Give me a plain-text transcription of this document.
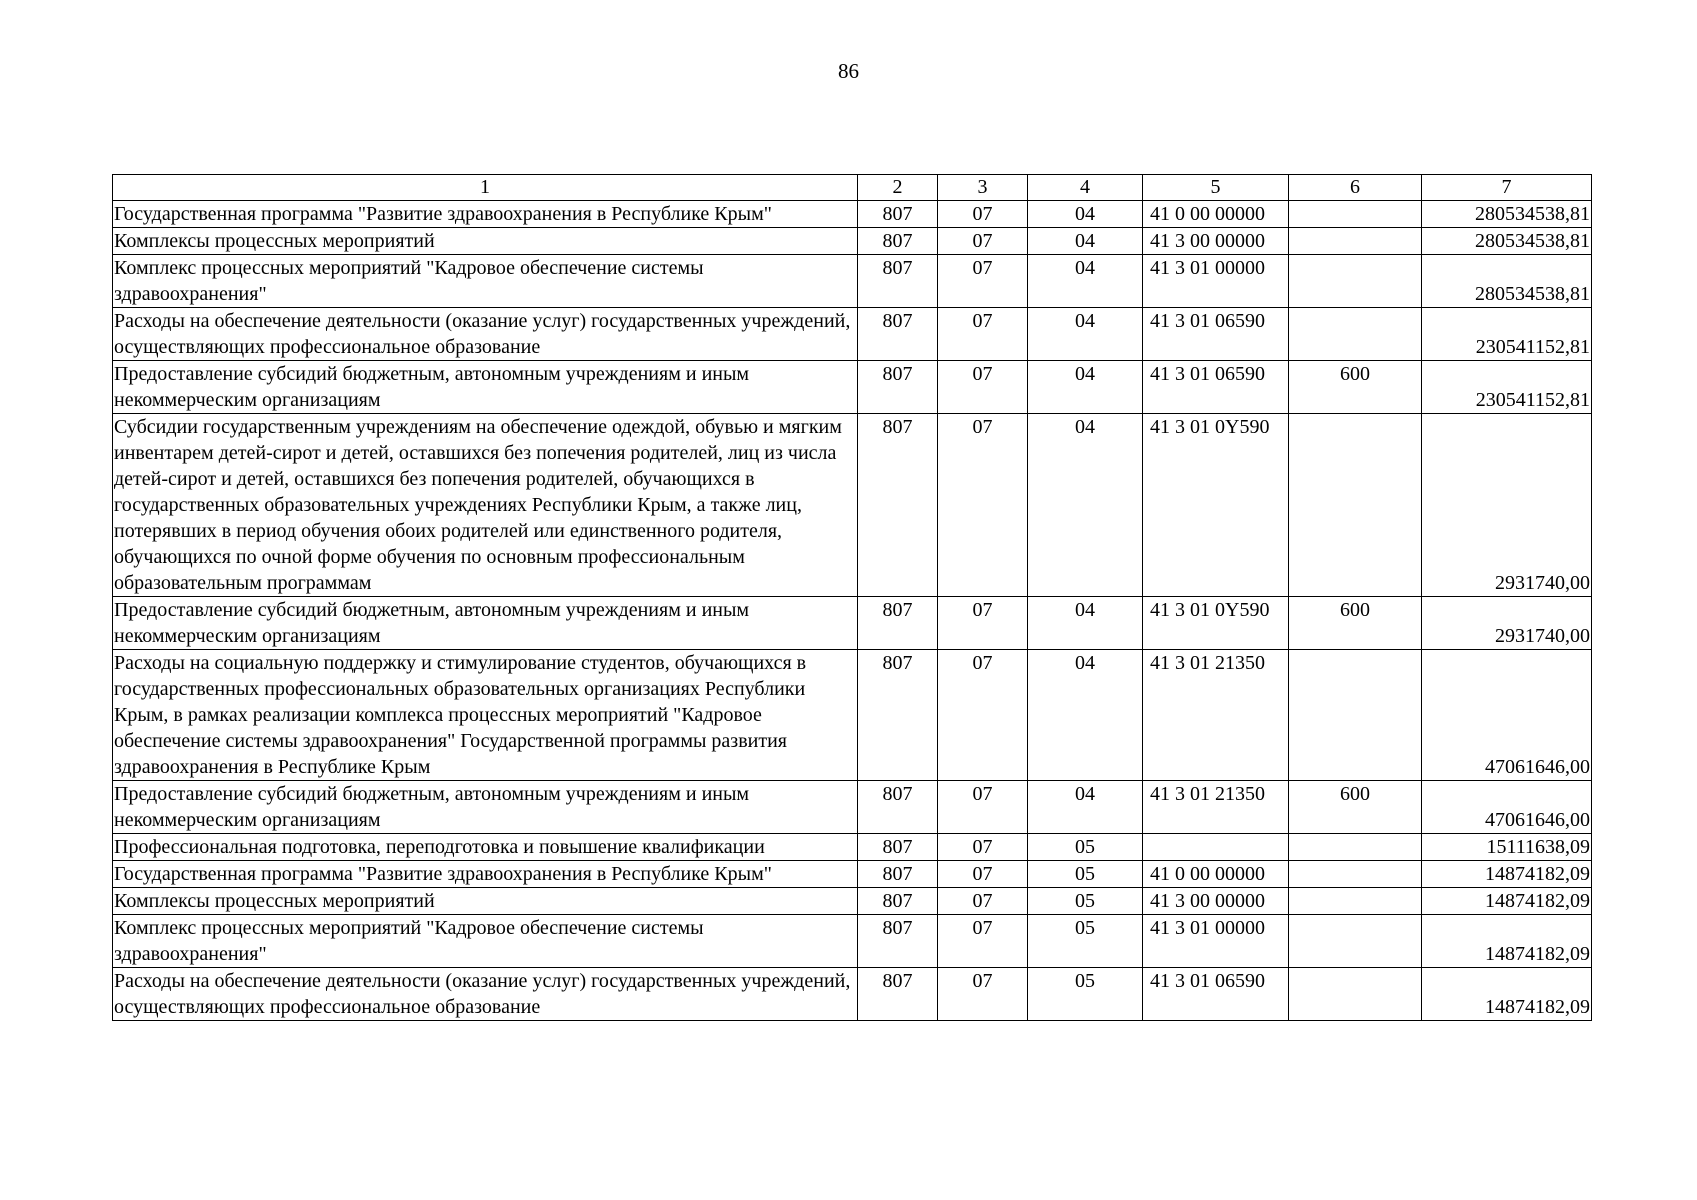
86
1	2	3	4	5	6	7
Государственная программа "Развитие здравоохранения в Республике Крым"	807	07	04	41 0 00 00000		280534538,81
Комплексы процессных мероприятий	807	07	04	41 3 00 00000		280534538,81
Комплекс процессных мероприятий "Кадровое обеспечение системы здравоохранения"	807	07	04	41 3 01 00000		280534538,81
Расходы на обеспечение деятельности (оказание услуг) государственных учреждений, осуществляющих профессиональное образование	807	07	04	41 3 01 06590		230541152,81
Предоставление субсидий бюджетным, автономным учреждениям и иным некоммерческим организациям	807	07	04	41 3 01 06590	600	230541152,81
Субсидии государственным учреждениям на обеспечение одеждой, обувью и мягким инвентарем детей-сирот и детей, оставшихся без попечения родителей, лиц из числа детей-сирот и детей, оставшихся без попечения родителей, обучающихся в государственных образовательных учреждениях Республики Крым, а также лиц, потерявших в период обучения обоих родителей или единственного родителя, обучающихся по очной форме обучения по основным профессиональным образовательным программам	807	07	04	41 3 01 0Y590		2931740,00
Предоставление субсидий бюджетным, автономным учреждениям и иным некоммерческим организациям	807	07	04	41 3 01 0Y590	600	2931740,00
Расходы на социальную поддержку и стимулирование студентов, обучающихся в государственных профессиональных образовательных организациях Республики Крым, в рамках реализации комплекса процессных мероприятий "Кадровое обеспечение системы здравоохранения" Государственной программы развития здравоохранения в Республике Крым	807	07	04	41 3 01 21350		47061646,00
Предоставление субсидий бюджетным, автономным учреждениям и иным некоммерческим организациям	807	07	04	41 3 01 21350	600	47061646,00
Профессиональная подготовка, переподготовка и повышение квалификации	807	07	05			15111638,09
Государственная программа "Развитие здравоохранения в Республике Крым"	807	07	05	41 0 00 00000		14874182,09
Комплексы процессных мероприятий	807	07	05	41 3 00 00000		14874182,09
Комплекс процессных мероприятий "Кадровое обеспечение системы здравоохранения"	807	07	05	41 3 01 00000		14874182,09
Расходы на обеспечение деятельности (оказание услуг) государственных учреждений, осуществляющих профессиональное образование	807	07	05	41 3 01 06590		14874182,09
